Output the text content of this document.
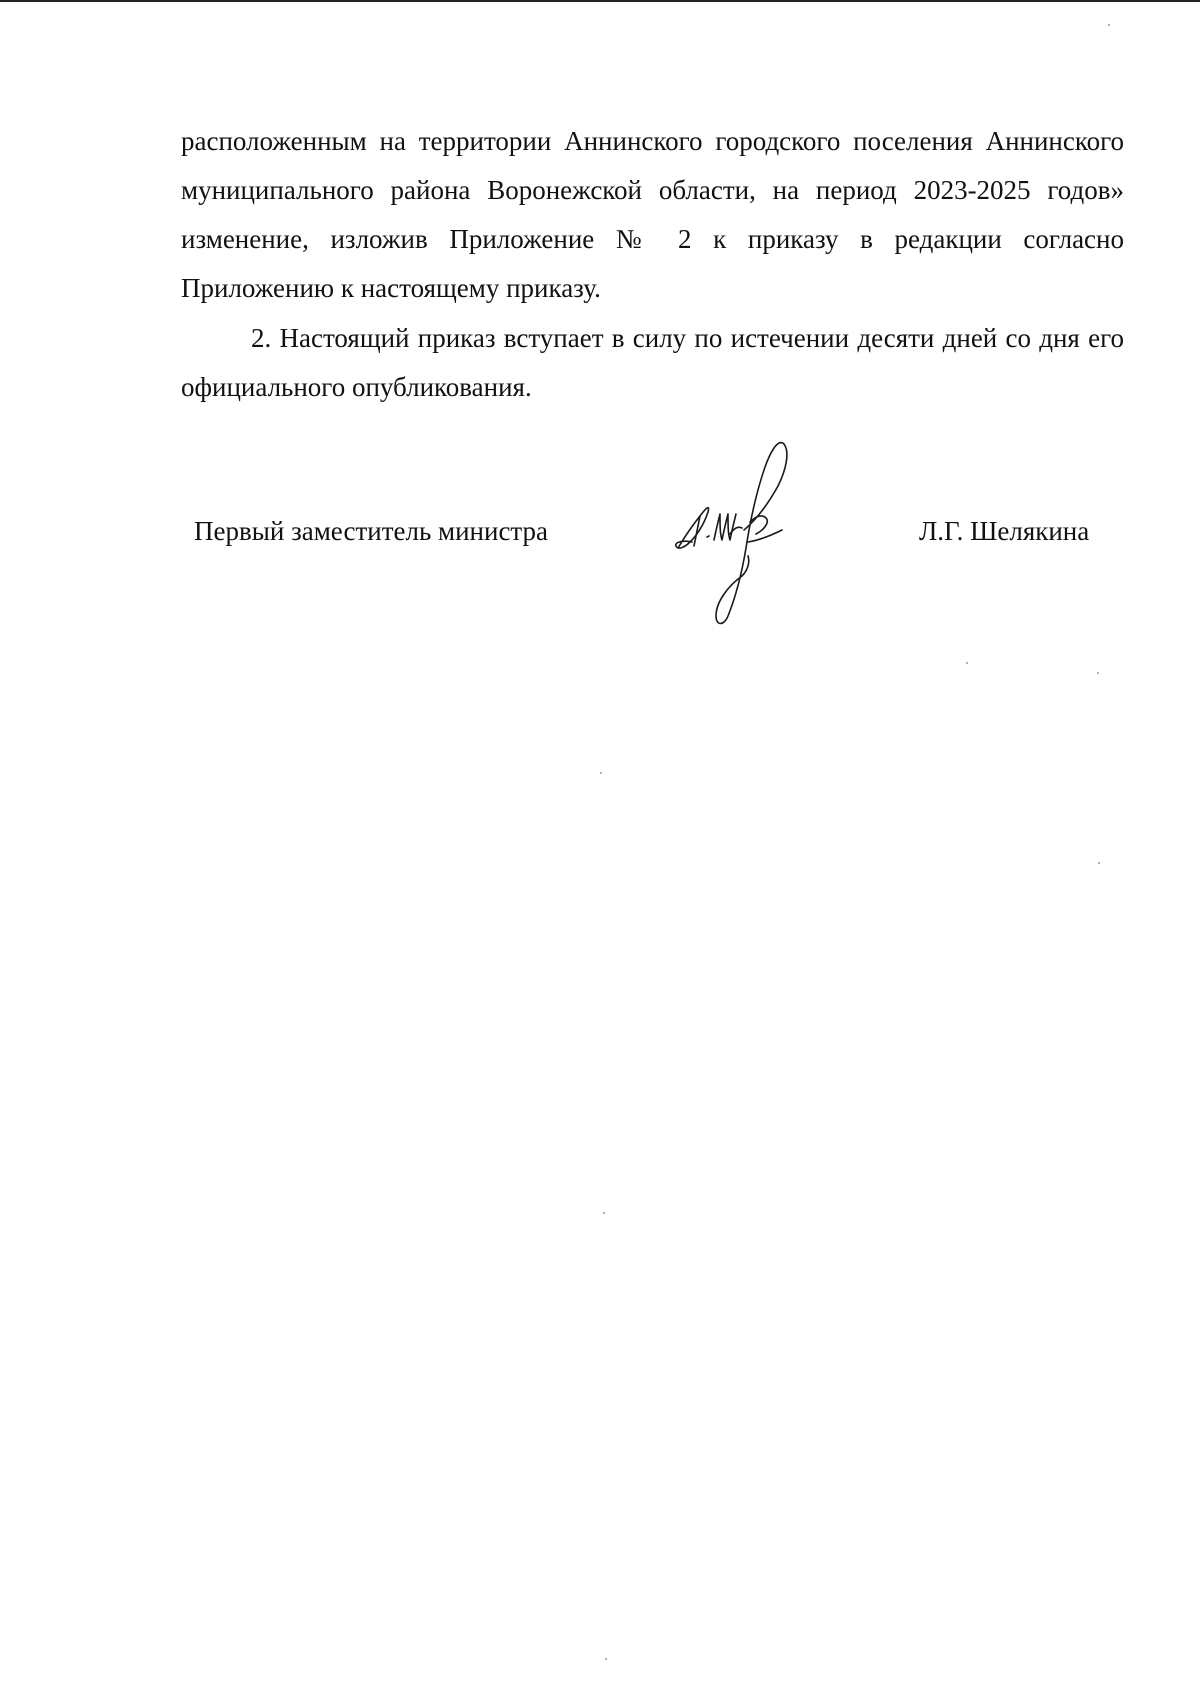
расположенным на территории Аннинского городского поселения Аннинского муниципального района Воронежской области, на период 2023-2025 годов» изменение, изложив Приложение № 2 к приказу в редакции согласно Приложению к настоящему приказу.

2. Настоящий приказ вступает в силу по истечении десяти дней со дня его официального опубликования.

Первый заместитель министра	Л.Г. Шелякина
